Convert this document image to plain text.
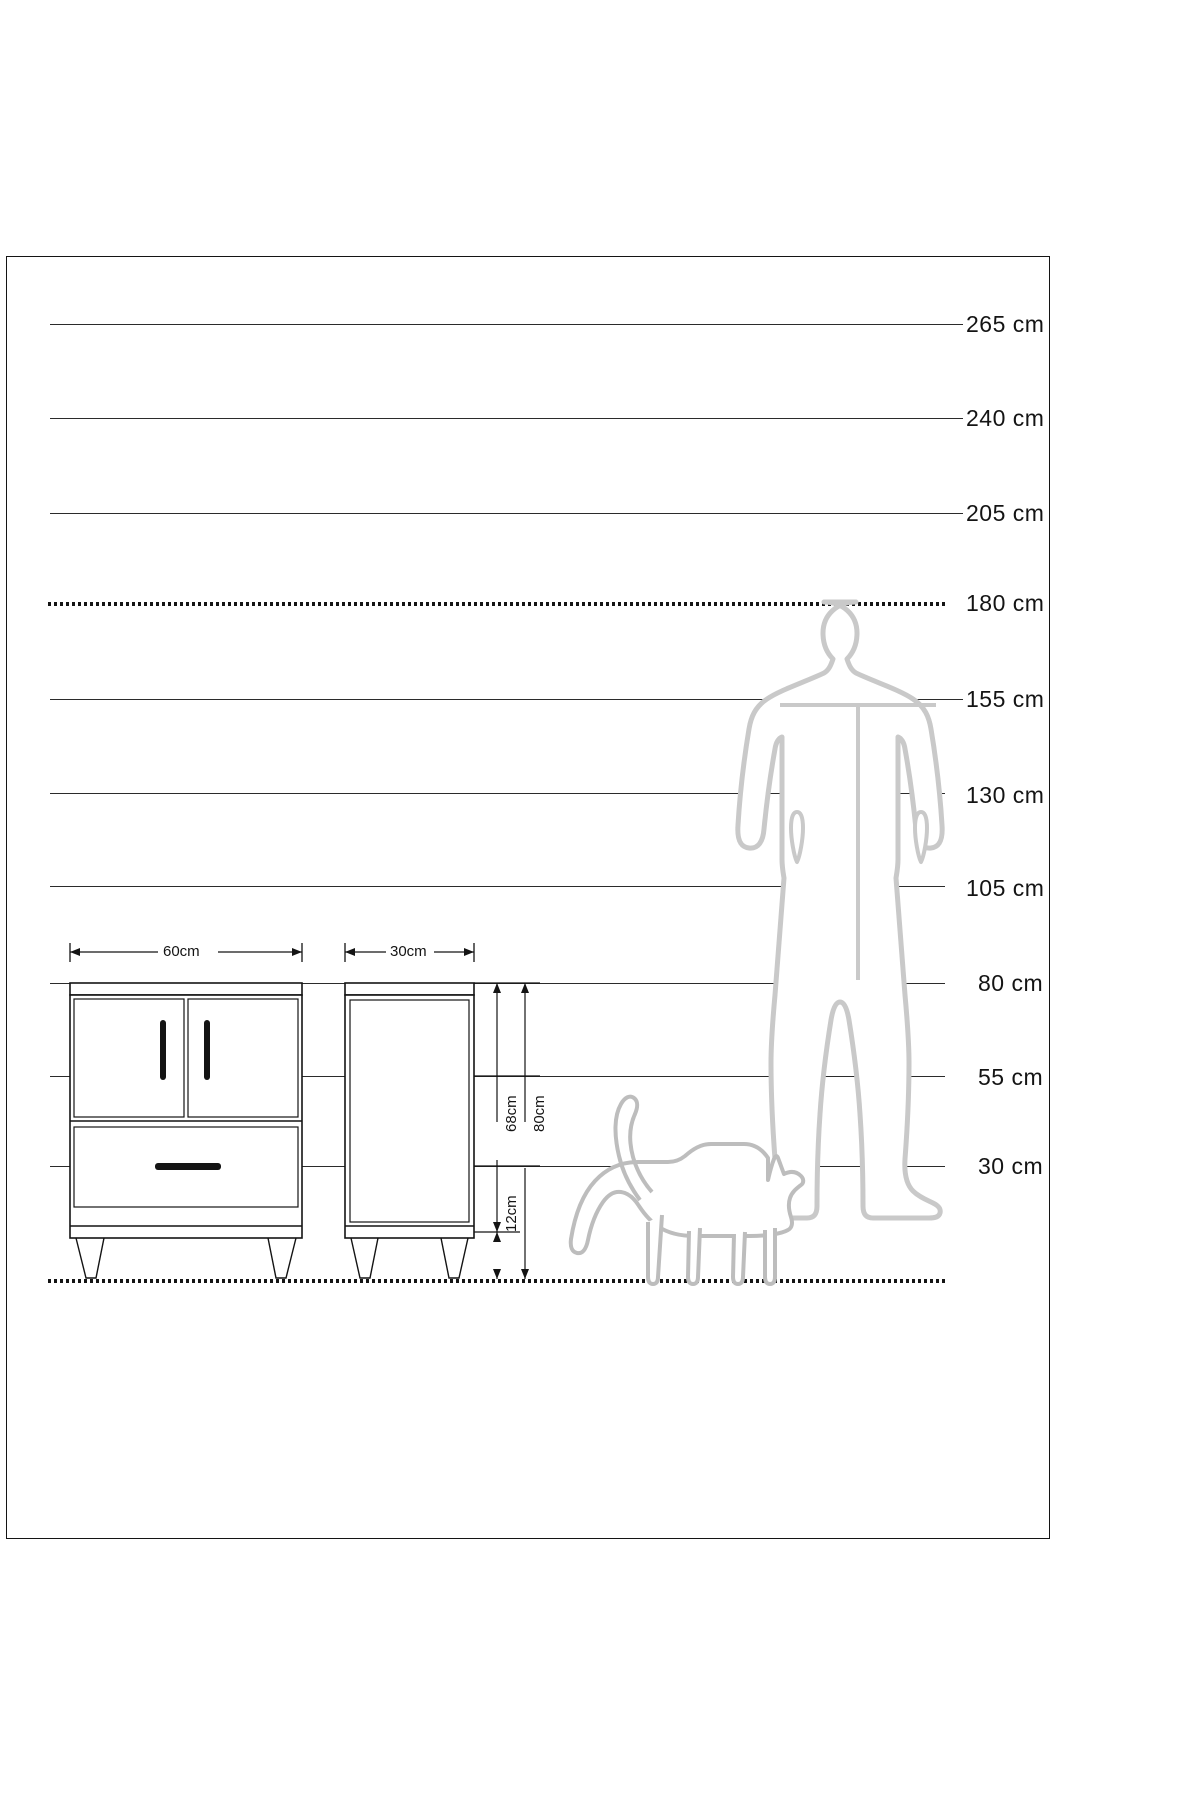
265 cm
240 cm
205 cm
180 cm
155 cm
130 cm
105 cm
80 cm
55 cm
30 cm
60cm	30cm
68cm 80cm
12cm
